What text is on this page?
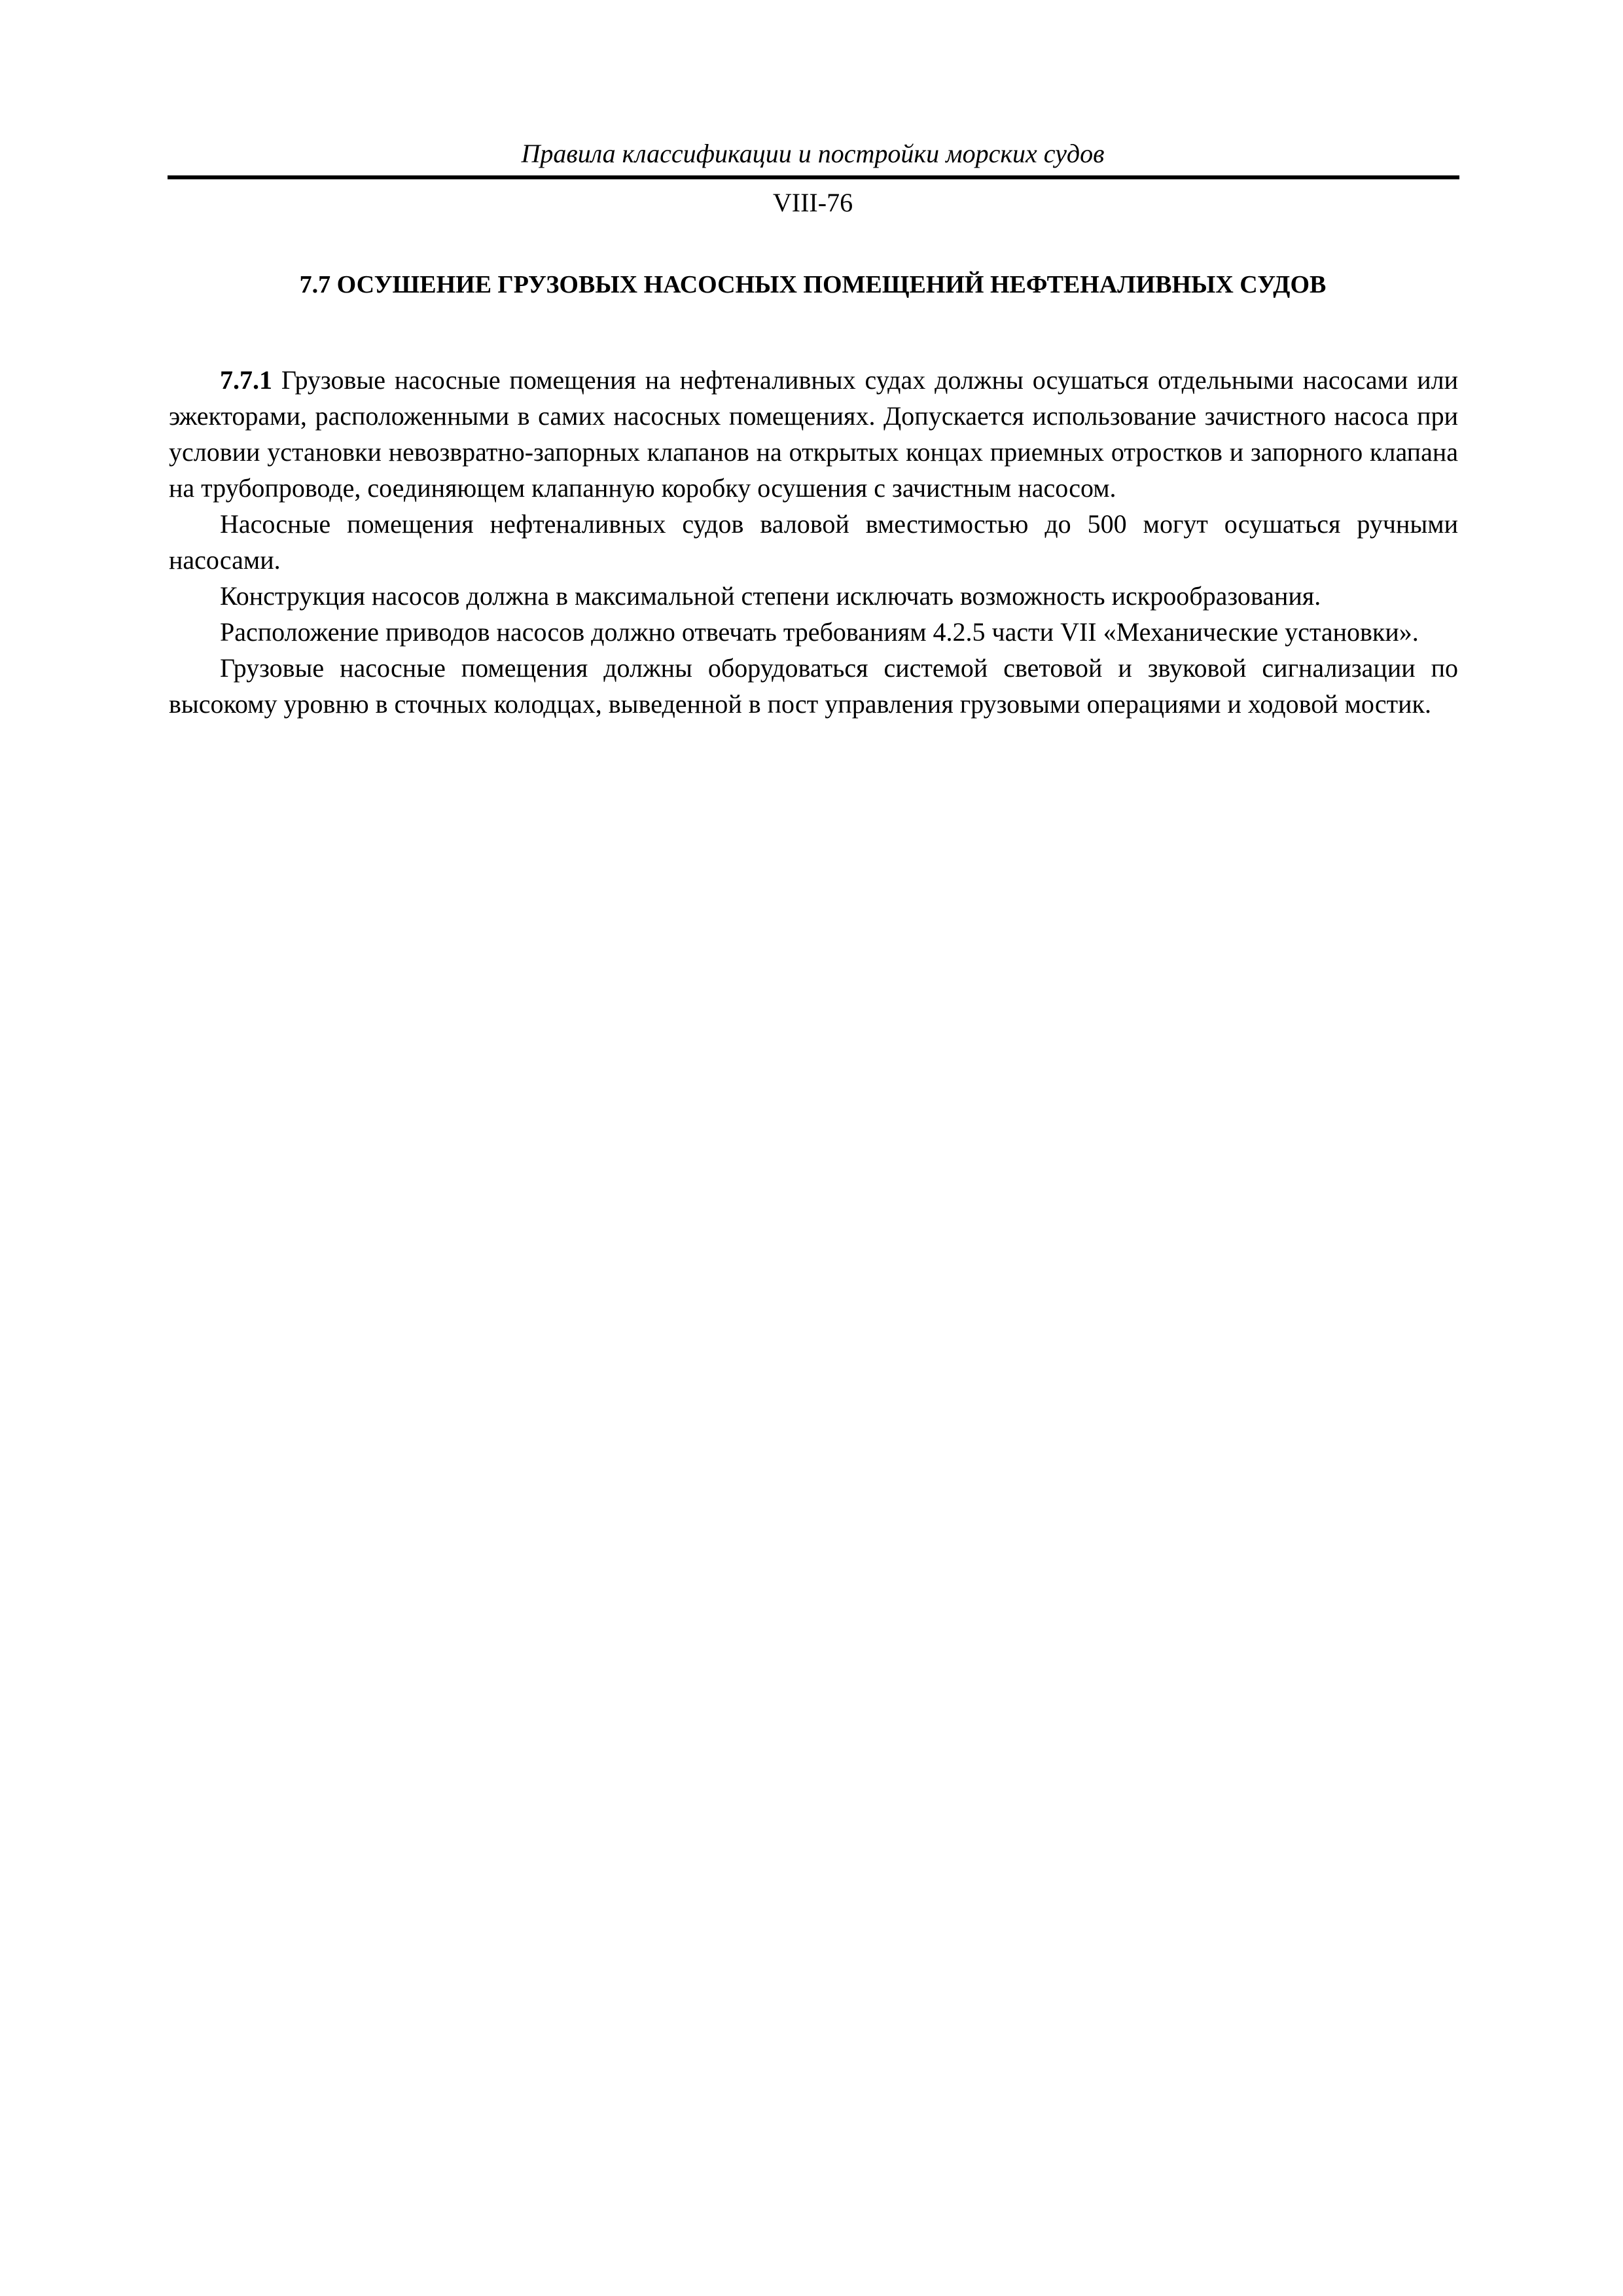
Правила классификации и постройки морских судов
VIII-76
7.7 ОСУШЕНИЕ ГРУЗОВЫХ НАСОСНЫХ ПОМЕЩЕНИЙ НЕФТЕНАЛИВНЫХ СУДОВ

7.7.1 Грузовые насосные помещения на нефтеналивных судах должны осушаться отдельными насосами или эжекторами, расположенными в самих насосных помещениях. Допускается использование зачистного насоса при условии установки невозвратно-запорных клапанов на открытых концах приемных отростков и запорного клапана на трубопроводе, соединяющем клапанную коробку осушения с зачистным насосом.

Насосные помещения нефтеналивных судов валовой вместимостью до 500 могут осушаться ручными насосами.

Конструкция насосов должна в максимальной степени исключать возможность искрообразования.

Расположение приводов насосов должно отвечать требованиям 4.2.5 части VII «Механические установки».

Грузовые насосные помещения должны оборудоваться системой световой и звуковой сигнализации по высокому уровню в сточных колодцах, выведенной в пост управления грузовыми операциями и ходовой мостик.
